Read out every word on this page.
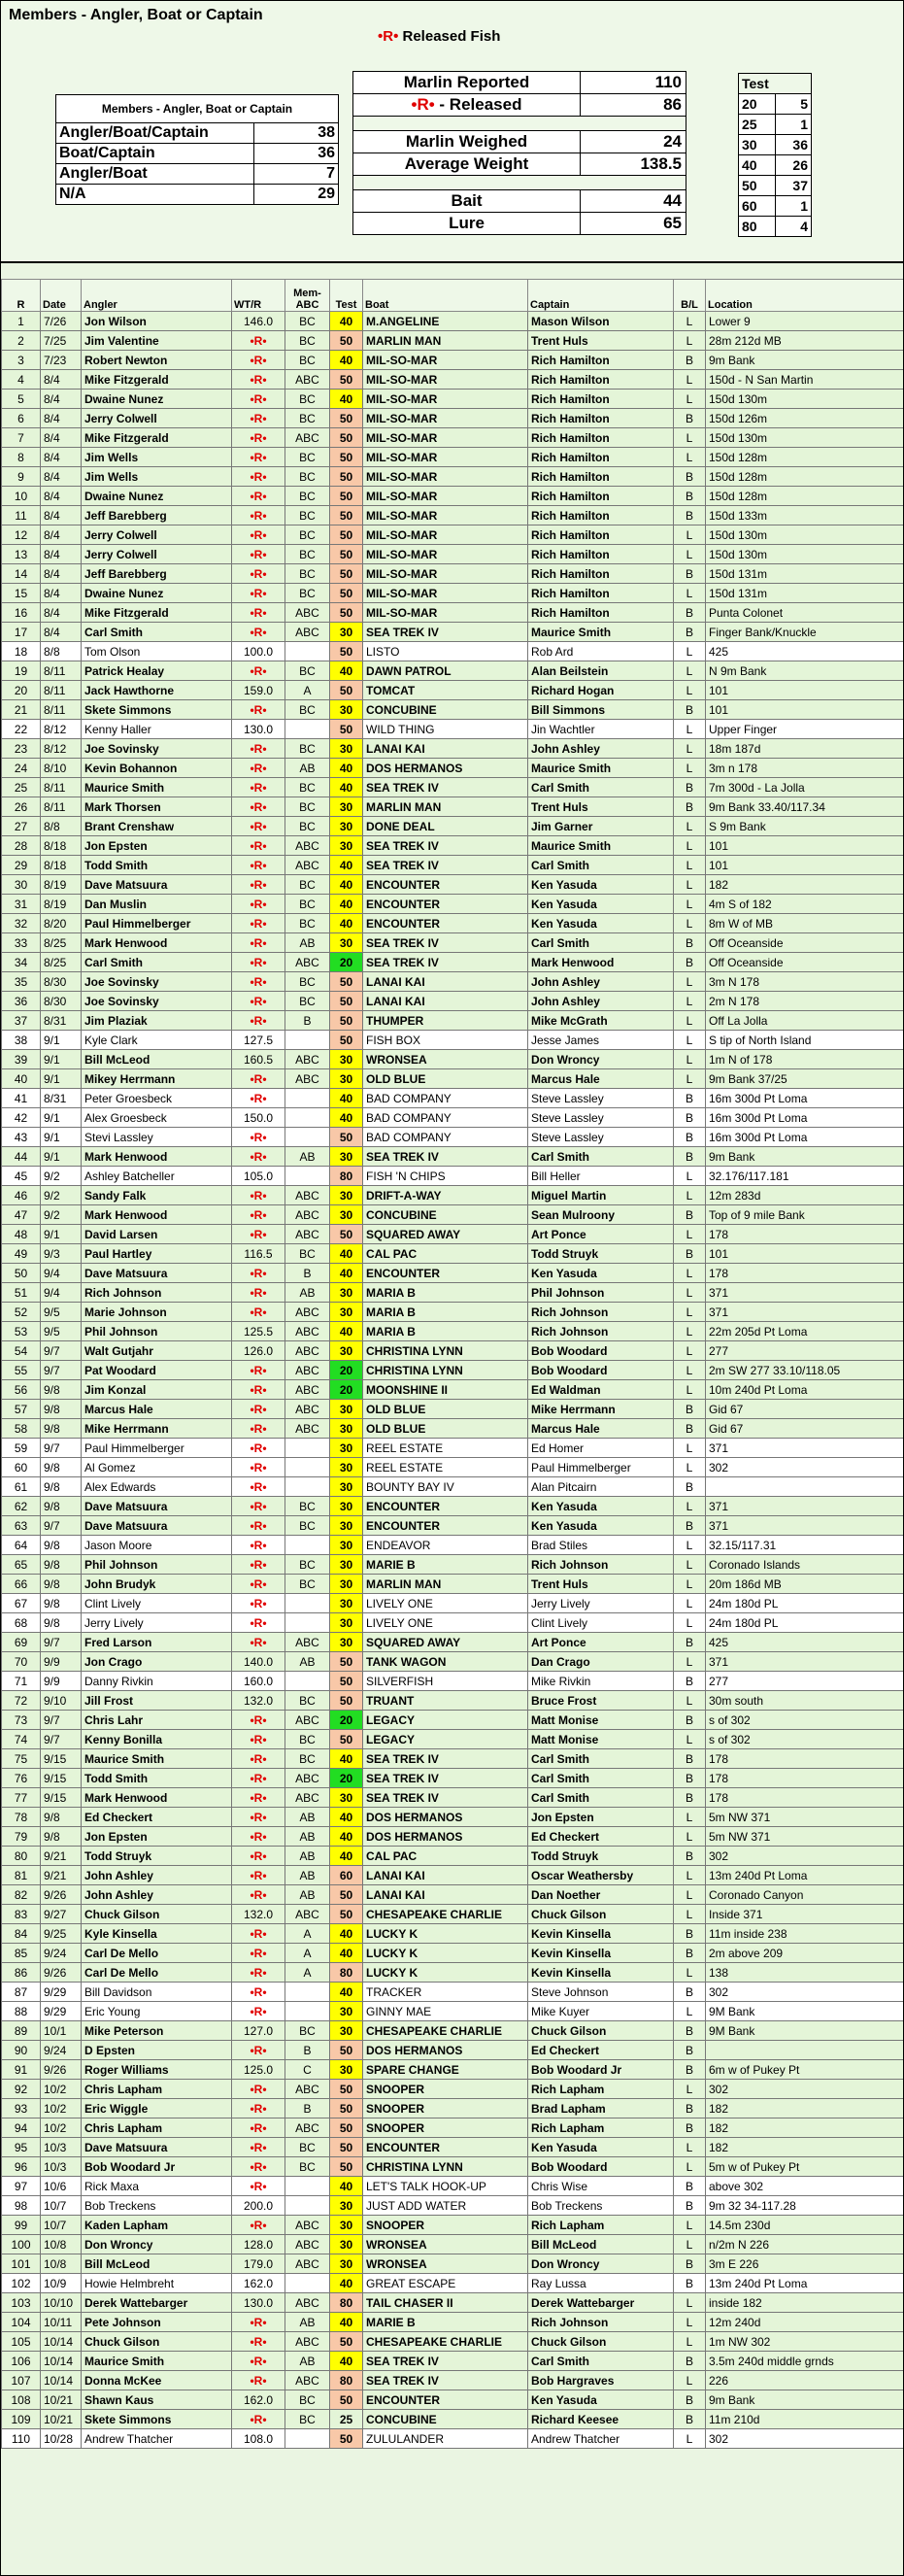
Members - Angler, Boat or Captain
•R• Released Fish
Members - Angler, Boat or Captain	
Angler/Boat/Captain	38
Boat/Captain	36
Angler/Boat	7
N/A	29
Marlin Reported	110
•R• - Released	86

Marlin Weighed	24
Average Weight	138.5

Bait	44
Lure	65
Test	
20	5
25	1
30	36
40	26
50	37
60	1
80	4
R	Date	Angler	WT/R	Mem-ABC	Test	Boat	Captain	B/L	Location
1	7/26	Jon Wilson	146.0	BC	40	M.ANGELINE	Mason Wilson	L	Lower 9
2	7/25	Jim Valentine	•R•	BC	50	MARLIN MAN	Trent Huls	L	28m 212d MB
3	7/23	Robert Newton	•R•	BC	40	MIL-SO-MAR	Rich Hamilton	B	9m Bank
4	8/4	Mike Fitzgerald	•R•	ABC	50	MIL-SO-MAR	Rich Hamilton	L	150d - N San Martin
5	8/4	Dwaine Nunez	•R•	BC	40	MIL-SO-MAR	Rich Hamilton	L	150d 130m
6	8/4	Jerry Colwell	•R•	BC	50	MIL-SO-MAR	Rich Hamilton	B	150d 126m
7	8/4	Mike Fitzgerald	•R•	ABC	50	MIL-SO-MAR	Rich Hamilton	L	150d 130m
8	8/4	Jim Wells	•R•	BC	50	MIL-SO-MAR	Rich Hamilton	L	150d 128m
9	8/4	Jim Wells	•R•	BC	50	MIL-SO-MAR	Rich Hamilton	B	150d 128m
10	8/4	Dwaine Nunez	•R•	BC	50	MIL-SO-MAR	Rich Hamilton	B	150d 128m
11	8/4	Jeff Barebberg	•R•	BC	50	MIL-SO-MAR	Rich Hamilton	B	150d 133m
12	8/4	Jerry Colwell	•R•	BC	50	MIL-SO-MAR	Rich Hamilton	L	150d 130m
13	8/4	Jerry Colwell	•R•	BC	50	MIL-SO-MAR	Rich Hamilton	L	150d 130m
14	8/4	Jeff Barebberg	•R•	BC	50	MIL-SO-MAR	Rich Hamilton	B	150d 131m
15	8/4	Dwaine Nunez	•R•	BC	50	MIL-SO-MAR	Rich Hamilton	L	150d 131m
16	8/4	Mike Fitzgerald	•R•	ABC	50	MIL-SO-MAR	Rich Hamilton	B	Punta Colonet
17	8/4	Carl Smith	•R•	ABC	30	SEA TREK IV	Maurice Smith	B	Finger Bank/Knuckle
18	8/8	Tom Olson	100.0		50	LISTO	Rob Ard	L	425
19	8/11	Patrick Healay	•R•	BC	40	DAWN PATROL	Alan Beilstein	L	N 9m Bank
20	8/11	Jack Hawthorne	159.0	A	50	TOMCAT	Richard Hogan	L	101
21	8/11	Skete Simmons	•R•	BC	30	CONCUBINE	Bill Simmons	B	101
22	8/12	Kenny Haller	130.0		50	WILD THING	Jin Wachtler	L	Upper Finger
23	8/12	Joe Sovinsky	•R•	BC	30	LANAI KAI	John Ashley	L	18m 187d
24	8/10	Kevin Bohannon	•R•	AB	40	DOS HERMANOS	Maurice Smith	L	3m n 178
25	8/11	Maurice Smith	•R•	BC	40	SEA TREK IV	Carl Smith	B	7m 300d - La Jolla
26	8/11	Mark Thorsen	•R•	BC	30	MARLIN MAN	Trent Huls	B	9m Bank 33.40/117.34
27	8/8	Brant Crenshaw	•R•	BC	30	DONE DEAL	Jim Garner	L	S 9m Bank
28	8/18	Jon Epsten	•R•	ABC	30	SEA TREK IV	Maurice Smith	L	101
29	8/18	Todd Smith	•R•	ABC	40	SEA TREK IV	Carl Smith	L	101
30	8/19	Dave Matsuura	•R•	BC	40	ENCOUNTER	Ken Yasuda	L	182
31	8/19	Dan Muslin	•R•	BC	40	ENCOUNTER	Ken Yasuda	L	4m S of 182
32	8/20	Paul Himmelberger	•R•	BC	40	ENCOUNTER	Ken Yasuda	L	8m W of MB
33	8/25	Mark Henwood	•R•	AB	30	SEA TREK IV	Carl Smith	B	Off Oceanside
34	8/25	Carl Smith	•R•	ABC	20	SEA TREK IV	Mark Henwood	B	Off Oceanside
35	8/30	Joe Sovinsky	•R•	BC	50	LANAI KAI	John Ashley	L	3m N 178
36	8/30	Joe Sovinsky	•R•	BC	50	LANAI KAI	John Ashley	L	2m N 178
37	8/31	Jim Plaziak	•R•	B	50	THUMPER	Mike McGrath	L	Off La Jolla
38	9/1	Kyle Clark	127.5		50	FISH BOX	Jesse James	L	S tip of North Island
39	9/1	Bill McLeod	160.5	ABC	30	WRONSEA	Don Wroncy	L	1m N of 178
40	9/1	Mikey Herrmann	•R•	ABC	30	OLD BLUE	Marcus Hale	L	9m Bank 37/25
41	8/31	Peter Groesbeck	•R•		40	BAD COMPANY	Steve Lassley	B	16m 300d Pt Loma
42	9/1	Alex Groesbeck	150.0		40	BAD COMPANY	Steve Lassley	B	16m 300d Pt Loma
43	9/1	Stevi Lassley	•R•		50	BAD COMPANY	Steve Lassley	B	16m 300d Pt Loma
44	9/1	Mark Henwood	•R•	AB	30	SEA TREK IV	Carl Smith	B	9m Bank
45	9/2	Ashley Batcheller	105.0		80	FISH 'N CHIPS	Bill Heller	L	32.176/117.181
46	9/2	Sandy Falk	•R•	ABC	30	DRIFT-A-WAY	Miguel Martin	L	12m 283d
47	9/2	Mark Henwood	•R•	ABC	30	CONCUBINE	Sean Mulroony	B	Top of 9 mile Bank
48	9/1	David Larsen	•R•	ABC	50	SQUARED AWAY	Art Ponce	L	178
49	9/3	Paul Hartley	116.5	BC	40	CAL PAC	Todd Struyk	B	101
50	9/4	Dave Matsuura	•R•	B	40	ENCOUNTER	Ken Yasuda	L	178
51	9/4	Rich Johnson	•R•	AB	30	MARIA B	Phil Johnson	L	371
52	9/5	Marie Johnson	•R•	ABC	30	MARIA B	Rich Johnson	L	371
53	9/5	Phil Johnson	125.5	ABC	40	MARIA B	Rich Johnson	L	22m 205d Pt Loma
54	9/7	Walt Gutjahr	126.0	ABC	30	CHRISTINA LYNN	Bob Woodard	L	277
55	9/7	Pat Woodard	•R•	ABC	20	CHRISTINA LYNN	Bob Woodard	L	2m SW 277 33.10/118.05
56	9/8	Jim Konzal	•R•	ABC	20	MOONSHINE II	Ed Waldman	L	10m 240d Pt Loma
57	9/8	Marcus Hale	•R•	ABC	30	OLD BLUE	Mike Herrmann	B	Gid 67
58	9/8	Mike Herrmann	•R•	ABC	30	OLD BLUE	Marcus Hale	B	Gid 67
59	9/7	Paul Himmelberger	•R•		30	REEL ESTATE	Ed Homer	L	371
60	9/8	Al Gomez	•R•		30	REEL ESTATE	Paul Himmelberger	L	302
61	9/8	Alex Edwards	•R•		30	BOUNTY BAY IV	Alan Pitcairn	B	
62	9/8	Dave Matsuura	•R•	BC	30	ENCOUNTER	Ken Yasuda	L	371
63	9/7	Dave Matsuura	•R•	BC	30	ENCOUNTER	Ken Yasuda	B	371
64	9/8	Jason Moore	•R•		30	ENDEAVOR	Brad Stiles	L	32.15/117.31
65	9/8	Phil Johnson	•R•	BC	30	MARIE B	Rich Johnson	L	Coronado Islands
66	9/8	John Brudyk	•R•	BC	30	MARLIN MAN	Trent Huls	L	20m 186d MB
67	9/8	Clint Lively	•R•		30	LIVELY ONE	Jerry Lively	L	24m 180d PL
68	9/8	Jerry Lively	•R•		30	LIVELY ONE	Clint Lively	L	24m 180d PL
69	9/7	Fred Larson	•R•	ABC	30	SQUARED AWAY	Art Ponce	B	425
70	9/9	Jon Crago	140.0	AB	50	TANK WAGON	Dan Crago	L	371
71	9/9	Danny Rivkin	160.0		50	SILVERFISH	Mike Rivkin	B	277
72	9/10	Jill Frost	132.0	BC	50	TRUANT	Bruce Frost	L	30m south
73	9/7	Chris Lahr	•R•	ABC	20	LEGACY	Matt Monise	B	s of 302
74	9/7	Kenny Bonilla	•R•	BC	50	LEGACY	Matt Monise	L	s of 302
75	9/15	Maurice Smith	•R•	BC	40	SEA TREK IV	Carl Smith	B	178
76	9/15	Todd Smith	•R•	ABC	20	SEA TREK IV	Carl Smith	B	178
77	9/15	Mark Henwood	•R•	ABC	30	SEA TREK IV	Carl Smith	B	178
78	9/8	Ed Checkert	•R•	AB	40	DOS HERMANOS	Jon Epsten	L	5m NW 371
79	9/8	Jon Epsten	•R•	AB	40	DOS HERMANOS	Ed Checkert	L	5m NW 371
80	9/21	Todd Struyk	•R•	AB	40	CAL PAC	Todd Struyk	B	302
81	9/21	John Ashley	•R•	AB	60	LANAI KAI	Oscar Weathersby	L	13m 240d Pt Loma
82	9/26	John Ashley	•R•	AB	50	LANAI KAI	Dan Noether	L	Coronado Canyon
83	9/27	Chuck Gilson	132.0	ABC	50	CHESAPEAKE CHARLIE	Chuck Gilson	L	Inside 371
84	9/25	Kyle Kinsella	•R•	A	40	LUCKY K	Kevin Kinsella	B	11m inside 238
85	9/24	Carl De Mello	•R•	A	40	LUCKY K	Kevin Kinsella	B	2m above 209
86	9/26	Carl De Mello	•R•	A	80	LUCKY K	Kevin Kinsella	L	138
87	9/29	Bill Davidson	•R•		40	TRACKER	Steve Johnson	B	302
88	9/29	Eric Young	•R•		30	GINNY MAE	Mike Kuyer	L	9M Bank
89	10/1	Mike Peterson	127.0	BC	30	CHESAPEAKE CHARLIE	Chuck Gilson	B	9M Bank
90	9/24	D Epsten	•R•	B	50	DOS HERMANOS	Ed Checkert	B	
91	9/26	Roger Williams	125.0	C	30	SPARE CHANGE	Bob Woodard Jr	B	6m w of Pukey Pt
92	10/2	Chris Lapham	•R•	ABC	50	SNOOPER	Rich Lapham	L	302
93	10/2	Eric Wiggle	•R•	B	50	SNOOPER	Brad Lapham	B	182
94	10/2	Chris Lapham	•R•	ABC	50	SNOOPER	Rich Lapham	B	182
95	10/3	Dave Matsuura	•R•	BC	50	ENCOUNTER	Ken Yasuda	L	182
96	10/3	Bob Woodard Jr	•R•	BC	50	CHRISTINA LYNN	Bob Woodard	L	5m w of Pukey Pt
97	10/6	Rick Maxa	•R•		40	LET'S TALK HOOK-UP	Chris Wise	B	above 302
98	10/7	Bob Treckens	200.0		30	JUST ADD WATER	Bob Treckens	B	9m 32 34-117.28
99	10/7	Kaden Lapham	•R•	ABC	30	SNOOPER	Rich Lapham	L	14.5m 230d
100	10/8	Don Wroncy	128.0	ABC	30	WRONSEA	Bill McLeod	L	n/2m N 226
101	10/8	Bill McLeod	179.0	ABC	30	WRONSEA	Don Wroncy	B	3m E 226
102	10/9	Howie Helmbreht	162.0		40	GREAT ESCAPE	Ray Lussa	B	13m 240d Pt Loma
103	10/10	Derek Wattebarger	130.0	ABC	80	TAIL CHASER II	Derek Wattebarger	L	inside 182
104	10/11	Pete Johnson	•R•	AB	40	MARIE B	Rich Johnson	L	12m 240d
105	10/14	Chuck Gilson	•R•	ABC	50	CHESAPEAKE CHARLIE	Chuck Gilson	L	1m NW 302
106	10/14	Maurice Smith	•R•	AB	40	SEA TREK IV	Carl Smith	B	3.5m 240d middle grnds
107	10/14	Donna McKee	•R•	ABC	80	SEA TREK IV	Bob Hargraves	L	226
108	10/21	Shawn Kaus	162.0	BC	50	ENCOUNTER	Ken Yasuda	B	9m Bank
109	10/21	Skete Simmons	•R•	BC	25	CONCUBINE	Richard Keesee	B	11m 210d
110	10/28	Andrew Thatcher	108.0		50	ZULULANDER	Andrew Thatcher	L	302
